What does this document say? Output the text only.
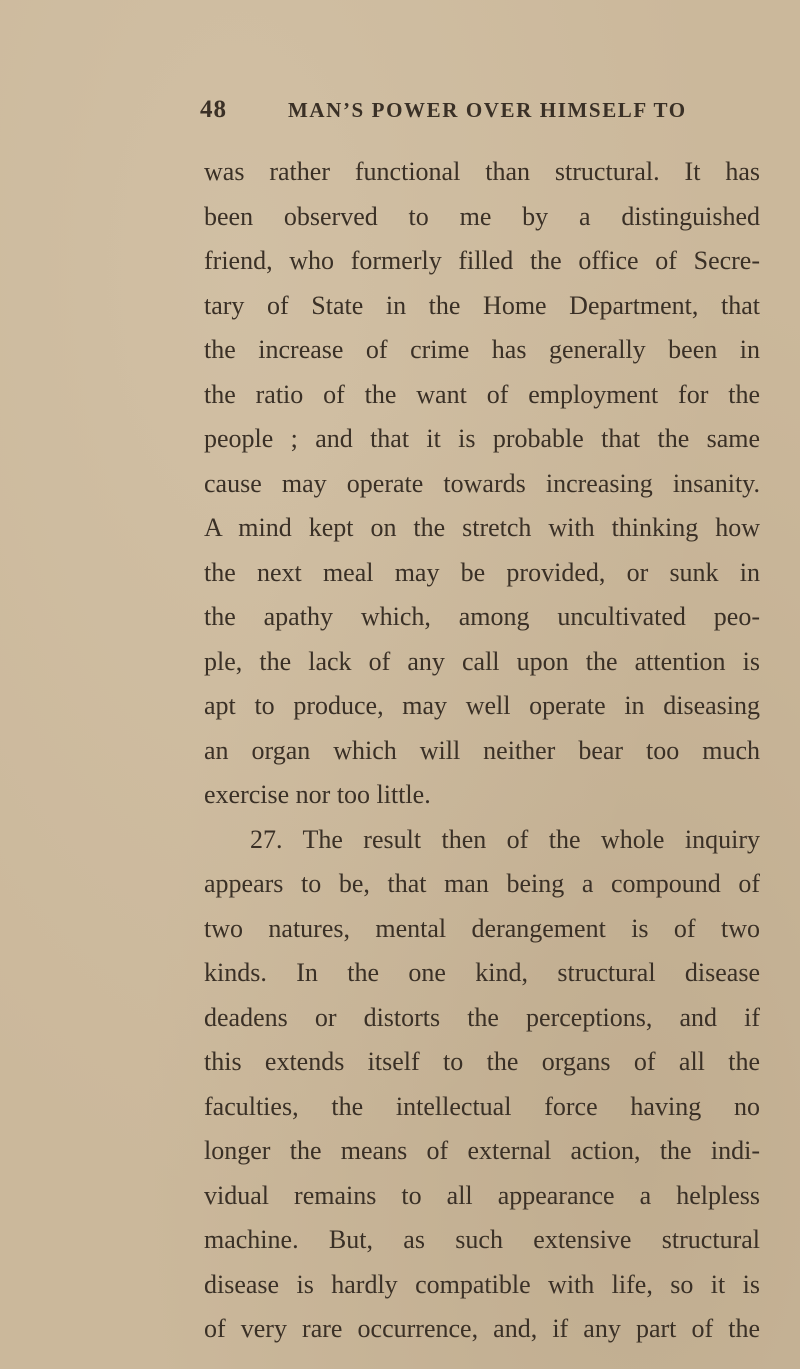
48	MAN’S POWER OVER HIMSELF TO
was rather functional than structural. It has
been observed to me by a distinguished
friend, who formerly filled the office of Secre-
tary of State in the Home Department, that
the increase of crime has generally been in
the ratio of the want of employment for the
people ; and that it is probable that the same
cause may operate towards increasing insanity.
A mind kept on the stretch with thinking how
the next meal may be provided, or sunk in
the apathy which, among uncultivated peo-
ple, the lack of any call upon the attention is
apt to produce, may well operate in diseasing
an organ which will neither bear too much
exercise nor too little.
27. The result then of the whole inquiry
appears to be, that man being a compound of
two natures, mental derangement is of two
kinds. In the one kind, structural disease
deadens or distorts the perceptions, and if
this extends itself to the organs of all the
faculties, the intellectual force having no
longer the means of external action, the indi-
vidual remains to all appearance a helpless
machine. But, as such extensive structural
disease is hardly compatible with life, so it is
of very rare occurrence, and, if any part of the
